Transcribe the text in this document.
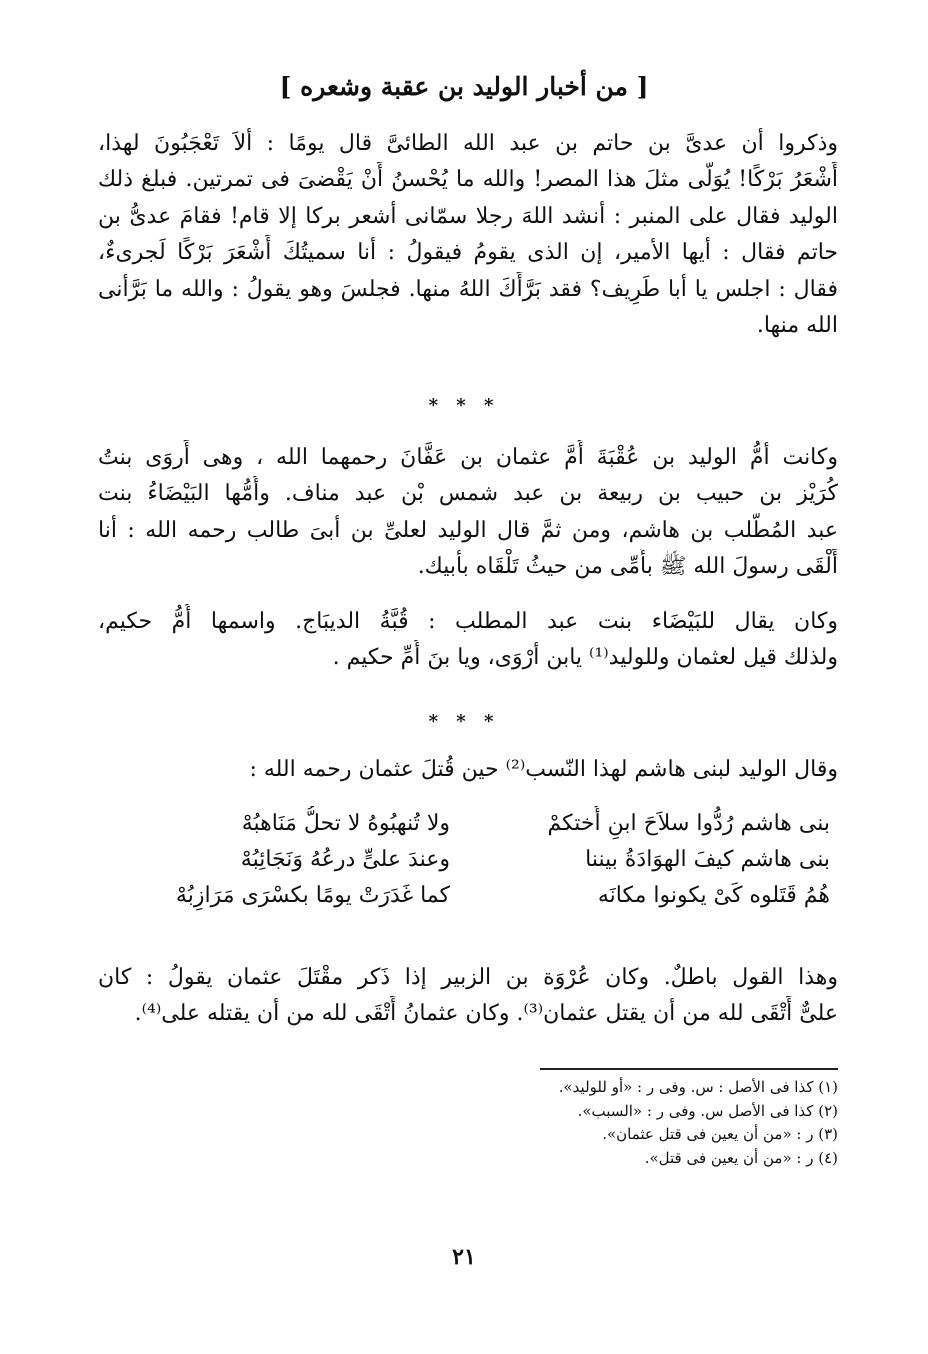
[ من أخبار الوليد بن عقبة وشعره ]
وذكروا أن عدىَّ بن حاتم بن عبد الله الطائىَّ قال يومًا : ألاَ تَعْجَبُونَ لهذا،
أَشْعَرُ بَرْكًا! يُوَلَّى مثلَ هذا المصر! والله ما يُحْسنُ أَنْ يَقْضىَ فى تمرتين. فبلغ ذلك
الوليد فقال على المنبر : أنشد اللهَ رجلا سمّانى أشعر بركا إلا قام! فقامَ عدىُّ بن
حاتم فقال : أيها الأمير، إن الذى يقومُ فيقولُ : أنا سميتُكَ أَشْعَرَ بَرْكًا لَجرىءٌ،
فقال : اجلس يا أبا طَرِيف؟ فقد بَرَّأَكَ اللهُ منها. فجلسَ وهو يقولُ : والله ما بَرَّأنى
الله منها.
* * *
وكانت أمُّ الوليد بن عُقْبَةَ أُمَّ عثمان بن عَفَّانَ رحمهما الله ، وهى أَروَى بنتُ
كُرَيْز بن حبيب بن ربيعة بن عبد شمس بْن عبد مناف. وأُمُّها البَيْضَاءُ بنت
عبد المُطَّلب بن هاشم، ومن ثمَّ قال الوليد لعلىِّ بن أبىَ طالب رحمه الله : أنا
أَلْقَى رسولَ الله ﷺ بأُمِّى من حيثُ تَلْقَاه بأبيك.
وكان يقال للبَيْضَاء بنت عبد المطلب : قُبَّةُ الديبَاج. واسمها أُمُّ حكيم،
ولذلك قيل لعثمان وللوليد⁽¹⁾ يابن أرْوَى، ويا بنَ أُمِّ حكيم .
* * *
وقال الوليد لبنى هاشم لهذا النّسب⁽²⁾ حين قُتلَ عثمان رحمه الله :
بنى هاشم رُدُّوا سلاَحَ ابنِ أُختكمْ
ولا تُنهبُوهُ لا تحلُّ مَنَاهبُهْ
بنى هاشم كيفَ الهوَادَةُ بيننا
وعندَ علىٍّ درعُهُ وَنَجَائِبُهْ
هُمُ قَتَلوه كَىْ يكونوا مكانَه
كما غَدَرَتْ يومًا بكسْرَى مَرَازِبُهْ
وهذا القول باطلٌ. وكان عُرْوَة بن الزبير إذا ذَكر مقْتَلَ عثمان يقولُ : كان
علىٌّ أَتْقَى لله من أن يقتل عثمان⁽³⁾. وكان عثمانُ أَتْقَى لله من أن يقتله على⁽⁴⁾.
(١) كذا فى الأصل : س. وفى ر : «أو للوليد».
(٢) كذا فى الأصل س. وفى ر : «السبب».
(٣) ر : «من أن يعين فى قتل عثمان».
(٤) ر : «من أن يعين فى قتل».
٢١
